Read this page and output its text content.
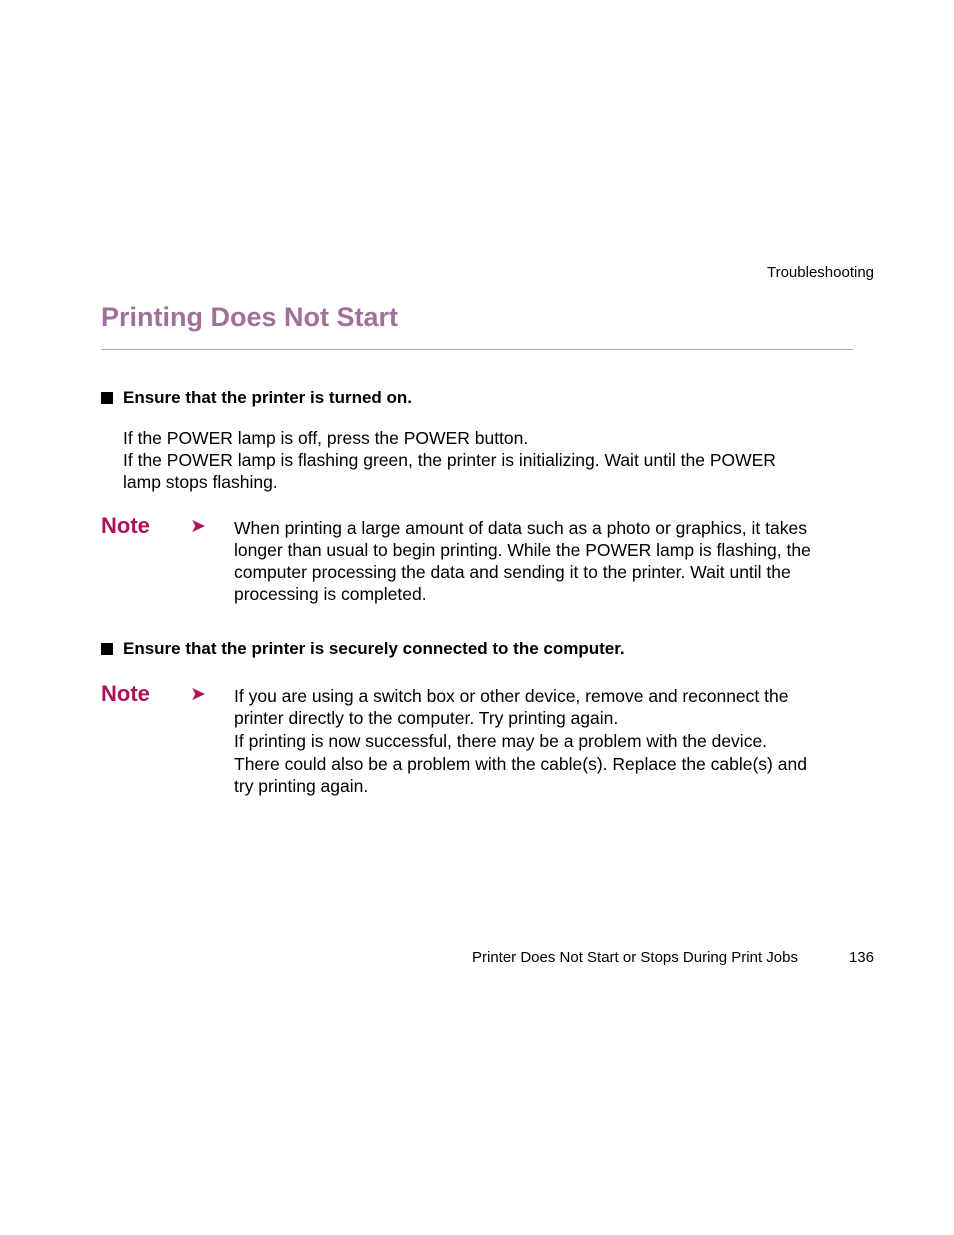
Troubleshooting
Printing Does Not Start
Ensure that the printer is turned on.
If the POWER lamp is off, press the POWER button.
If the POWER lamp is flashing green, the printer is initializing. Wait until the POWER
lamp stops flashing.
Note ➤ When printing a large amount of data such as a photo or graphics, it takes
longer than usual to begin printing. While the POWER lamp is flashing, the
computer processing the data and sending it to the printer. Wait until the
processing is completed.
Ensure that the printer is securely connected to the computer.
Note ➤ If you are using a switch box or other device, remove and reconnect the
printer directly to the computer. Try printing again.
If printing is now successful, there may be a problem with the device.
There could also be a problem with the cable(s). Replace the cable(s) and
try printing again.
Printer Does Not Start or Stops During Print Jobs	136
